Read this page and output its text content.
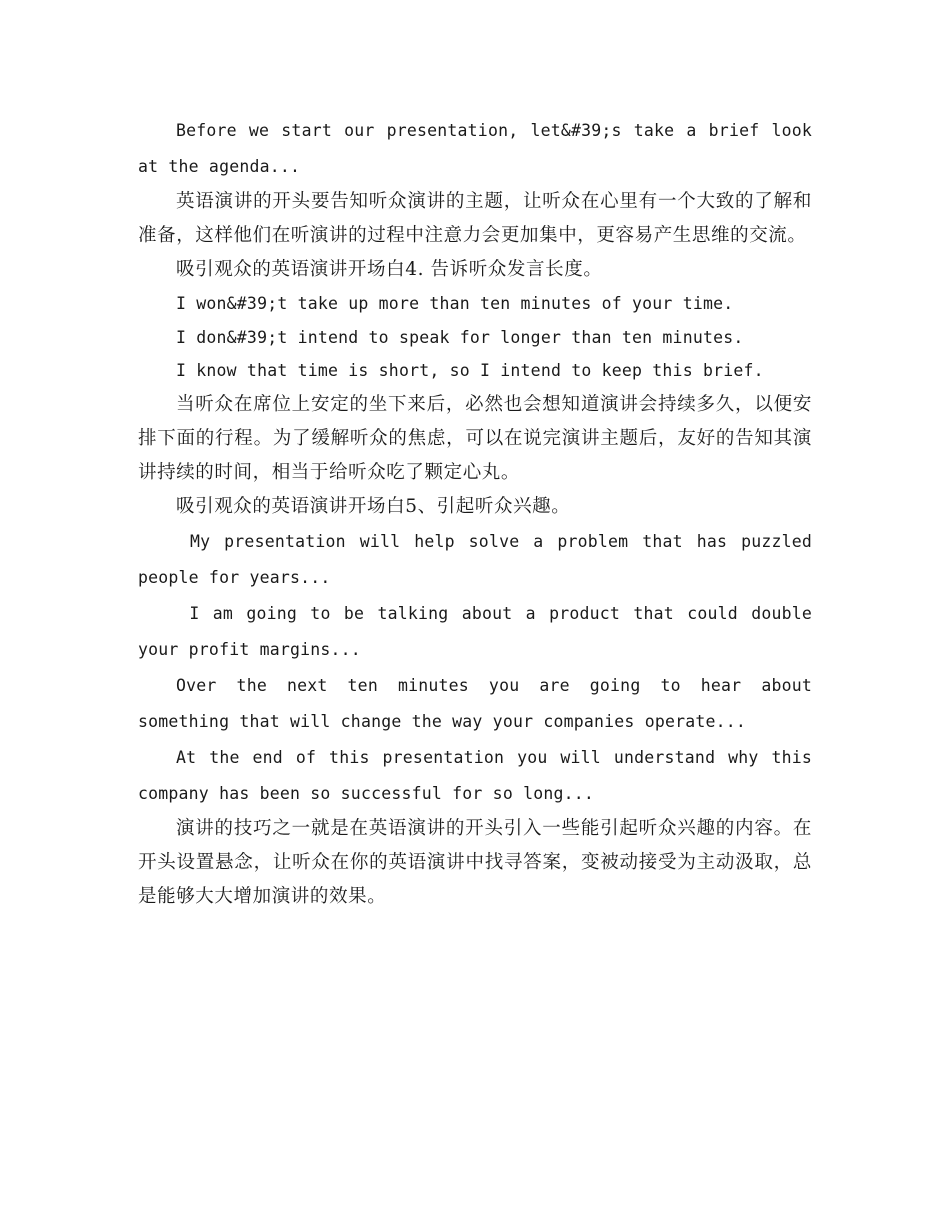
Before we start our presentation, let&#39;s take a brief look at the agenda...

英语演讲的开头要告知听众演讲的主题，让听众在心里有一个大致的了解和准备，这样他们在听演讲的过程中注意力会更加集中，更容易产生思维的交流。

吸引观众的英语演讲开场白4. 告诉听众发言长度。

I won&#39;t take up more than ten minutes of your time.

I don&#39;t intend to speak for longer than ten minutes.

I know that time is short, so I intend to keep this brief.

当听众在席位上安定的坐下来后，必然也会想知道演讲会持续多久，以便安排下面的行程。为了缓解听众的焦虑，可以在说完演讲主题后，友好的告知其演讲持续的时间，相当于给听众吃了颗定心丸。

吸引观众的英语演讲开场白5、引起听众兴趣。

My presentation will help solve a problem that has puzzled people for years...

I am going to be talking about a product that could double your profit margins...

Over the next ten minutes you are going to hear about something that will change the way your companies operate...

At the end of this presentation you will understand why this company has been so successful for so long...

演讲的技巧之一就是在英语演讲的开头引入一些能引起听众兴趣的内容。在开头设置悬念，让听众在你的英语演讲中找寻答案，变被动接受为主动汲取，总是能够大大增加演讲的效果。
